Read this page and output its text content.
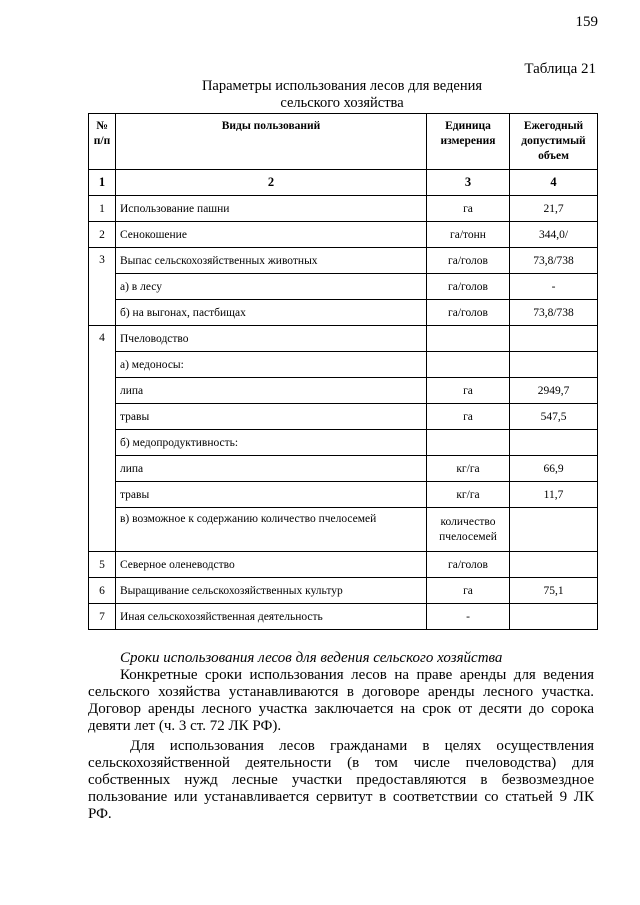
159
Таблица 21
Параметры использования лесов для ведения
сельского хозяйства
№ п/п	Виды пользований	Единица измерения	Ежегодный допустимый объем
1	2	3	4
1	Использование пашни	га	21,7
2	Сенокошение	га/тонн	344,0/
3	Выпас сельскохозяйственных животных	га/голов	73,8/738
	а) в лесу	га/голов	-
	б) на выгонах, пастбищах	га/голов	73,8/738
4	Пчеловодство		
	а) медоносы:		
	липа	га	2949,7
	травы	га	547,5
	б) медопродуктивность:		
	липа	кг/га	66,9
	травы	кг/га	11,7
	в) возможное к содержанию количество пчелосемей	количество
пчелосемей	

5	Северное оленеводство	га/голов	
6	Выращивание сельскохозяйственных культур	га	75,1
7	Иная сельскохозяйственная деятельность	-	
Сроки использования лесов для ведения сельского хозяйства
Конкретные сроки использования лесов на праве аренды для ведения сельского хозяйства устанавливаются в договоре аренды лесного участка. Договор аренды лесного участка заключается на срок от десяти до сорока девяти лет (ч. 3 ст. 72 ЛК РФ).
Для использования лесов гражданами в целях осуществления сельскохозяйственной деятельности (в том числе пчеловодства) для собственных нужд лесные участки предоставляются в безвозмездное пользование или устанавливается сервитут в соответствии со статьей 9 ЛК РФ.
